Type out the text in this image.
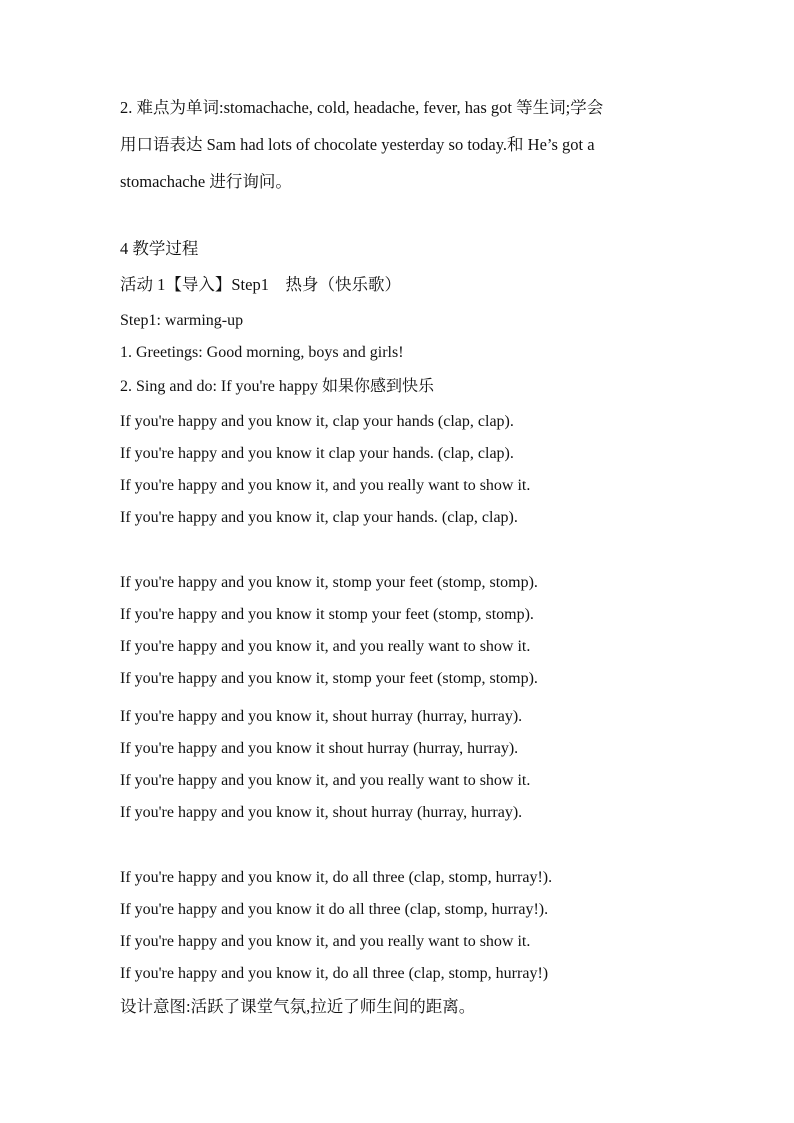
2. 难点为单词:stomachache, cold, headache, fever, has got 等生词;学会
用口语表达 Sam had lots of chocolate yesterday so today.和 He’s got a
stomachache 进行询问。
4 教学过程
活动 1【导入】Step1　热身（快乐歌）
Step1: warming-up
1. Greetings: Good morning, boys and girls!
2. Sing and do: If you're happy 如果你感到快乐
If you're happy and you know it, clap your hands (clap, clap).
If you're happy and you know it clap your hands. (clap, clap).
If you're happy and you know it, and you really want to show it.
If you're happy and you know it, clap your hands. (clap, clap).
If you're happy and you know it, stomp your feet (stomp, stomp).
If you're happy and you know it stomp your feet (stomp, stomp).
If you're happy and you know it, and you really want to show it.
If you're happy and you know it, stomp your feet (stomp, stomp).
If you're happy and you know it, shout hurray (hurray, hurray).
If you're happy and you know it shout hurray (hurray, hurray).
If you're happy and you know it, and you really want to show it.
If you're happy and you know it, shout hurray (hurray, hurray).
If you're happy and you know it, do all three (clap, stomp, hurray!).
If you're happy and you know it do all three (clap, stomp, hurray!).
If you're happy and you know it, and you really want to show it.
If you're happy and you know it, do all three (clap, stomp, hurray!)
设计意图:活跃了课堂气氛,拉近了师生间的距离。
